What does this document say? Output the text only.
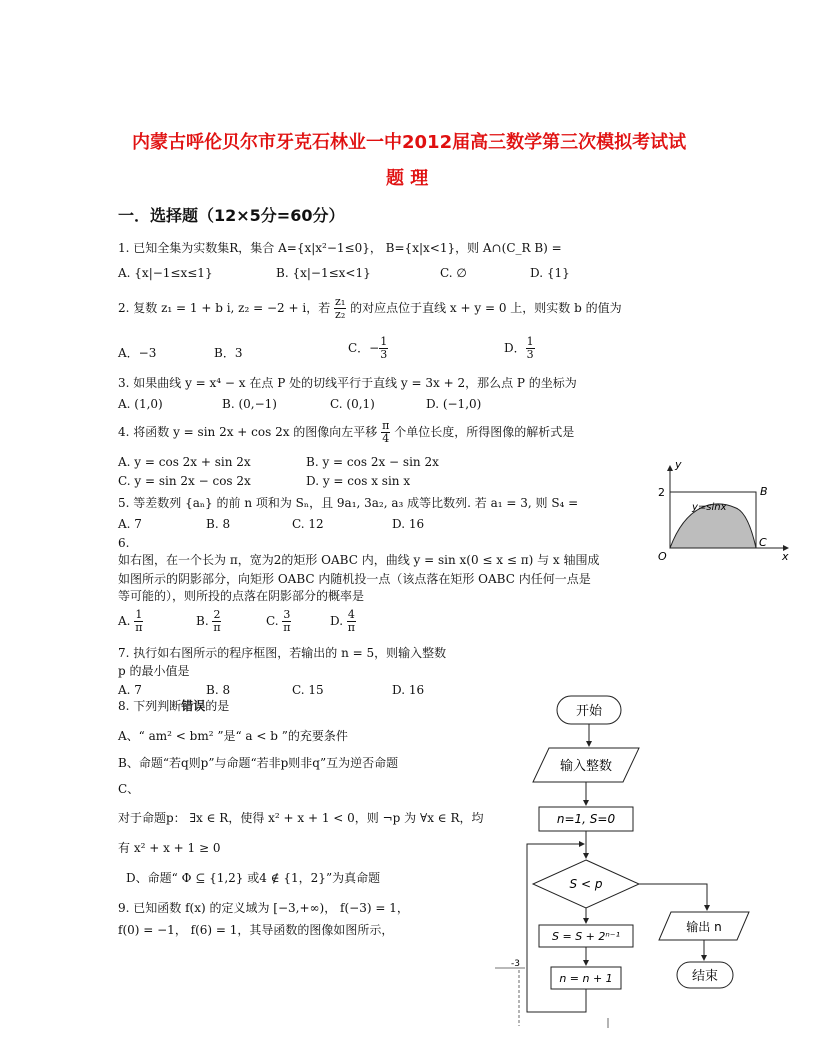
内蒙古呼伦贝尔市牙克石林业一中2012届高三数学第三次模拟考试试
题 理
一．选择题（12×5分=60分）
1. 已知全集为实数集R，集合 A={x|x²−1≤0}， B={x|x<1}，则 A∩(C_R B) =
A. {x|−1≤x≤1}	B. {x|−1≤x<1}	C. ∅	D. {1}
2. 复数 z₁ = 1 + b i, z₂ = −2 + i，若 $\frac{\text{z₁}}{\text{z₂}}$ 的对应点位于直线 x + y = 0 上，则实数 b 的值为
A．−3	B．3	C．− $\frac{1}{3}$	D． $\frac{1}{3}$
3. 如果曲线 y = x⁴ − x 在点 P 处的切线平行于直线 y = 3x + 2，那么点 P 的坐标为
A. (1,0)	B. (0,−1)	C. (0,1)	D. (−1,0)
4. 将函数 y = sin 2x + cos 2x 的图像向左平移 $\frac{\pi}{4}$ 个单位长度，所得图像的解析式是
A. y = cos 2x + sin 2x	B. y = cos 2x − sin 2x
C. y = sin 2x − cos 2x	D. y = cos x sin x
5. 等差数列 {aₙ} 的前 n 项和为 Sₙ，且 9a₁, 3a₂, a₃ 成等比数列. 若 a₁ = 3, 则 S₄ =
A. 7	B. 8	C. 12	D. 16
6.
如右图，在一个长为 π，宽为2的矩形 OABC 内，曲线 y = sin x(0 ≤ x ≤ π) 与 x 轴围成
如图所示的阴影部分，向矩形 OABC 内随机投一点（该点落在矩形 OABC 内任何一点是
等可能的），则所投的点落在阴影部分的概率是
A. $\frac{1}{\pi}$	B. $\frac{2}{\pi}$	C. $\frac{3}{\pi}$	D. $\frac{4}{\pi}$
7. 执行如右图所示的程序框图，若输出的 n = 5，则输入整数
p 的最小值是
A. 7	B. 8	C. 15	D. 16
8. 下列判断错误的是
A、“ am² < bm² ”是“ a < b ”的充要条件
B、命题“若q则p”与命题“若非p则非q”互为逆否命题
C、
对于命题p： ∃x ∈ R，使得 x² + x + 1 < 0，则 ¬p 为 ∀x ∈ R，均
有 x² + x + 1 ≥ 0
D、命题“ Φ ⊆ {1,2} 或4 ∉ {1，2}”为真命题
9. 已知函数 f(x) 的定义域为 [−3,+∞)， f(−3) = 1，
f(0) = −1， f(6) = 1，其导函数的图像如图所示，
y
x
2	B
C
O
y=sinx
开始
输入整数
n=1, S=0
S < p
S = S + 2ⁿ⁻¹
n = n + 1
输出 n
结束
-3
